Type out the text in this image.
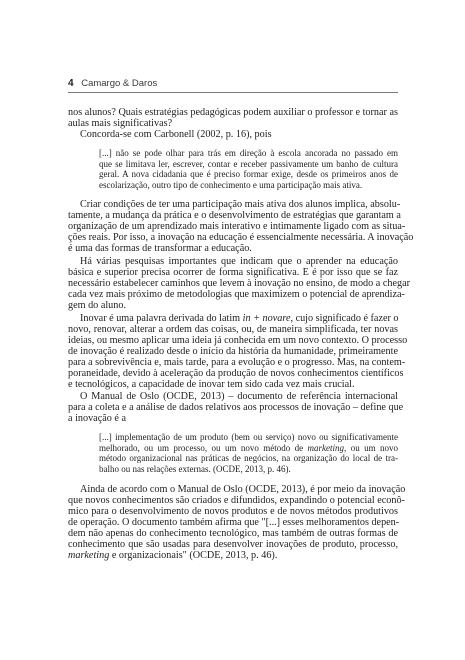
4 Camargo & Daros
nos alunos? Quais estratégias pedagógicas podem auxiliar o professor e tornar as
aulas mais significativas?
Concorda-se com Carbonell (2002, p. 16), pois
[...] não se pode olhar para trás em direção à escola ancorada no passado em
que se limitava ler, escrever, contar e receber passivamente um banho de cultura
geral. A nova cidadania que é preciso formar exige, desde os primeiros anos de
escolarização, outro tipo de conhecimento e uma participação mais ativa.
Criar condições de ter uma participação mais ativa dos alunos implica, absolu-
tamente, a mudança da prática e o desenvolvimento de estratégias que garantam a
organização de um aprendizado mais interativo e intimamente ligado com as situa-
ções reais. Por isso, a inovação na educação é essencialmente necessária. A inovação
é uma das formas de transformar a educação.
Há várias pesquisas importantes que indicam que o aprender na educação
básica e superior precisa ocorrer de forma significativa. E é por isso que se faz
necessário estabelecer caminhos que levem à inovação no ensino, de modo a chegar
cada vez mais próximo de metodologias que maximizem o potencial de aprendiza-
gem do aluno.
Inovar é uma palavra derivada do latim in + novare, cujo significado é fazer o
novo, renovar, alterar a ordem das coisas, ou, de maneira simplificada, ter novas
ideias, ou mesmo aplicar uma ideia já conhecida em um novo contexto. O processo
de inovação é realizado desde o início da história da humanidade, primeiramente
para a sobrevivência e, mais tarde, para a evolução e o progresso. Mas, na contem-
poraneidade, devido à aceleração da produção de novos conhecimentos científicos
e tecnológicos, a capacidade de inovar tem sido cada vez mais crucial.
O Manual de Oslo (OCDE, 2013) – documento de referência internacional
para a coleta e a análise de dados relativos aos processos de inovação – define que
a inovação é a
[...] implementação de um produto (bem ou serviço) novo ou significativamente
melhorado, ou um processo, ou um novo método de marketing, ou um novo
método organizacional nas práticas de negócios, na organização do local de tra-
balho ou nas relações externas. (OCDE, 2013, p. 46).
Ainda de acordo com o Manual de Oslo (OCDE, 2013), é por meio da inovação
que novos conhecimentos são criados e difundidos, expandindo o potencial econô-
mico para o desenvolvimento de novos produtos e de novos métodos produtivos
de operação. O documento também afirma que "[...] esses melhoramentos depen-
dem não apenas do conhecimento tecnológico, mas também de outras formas de
conhecimento que são usadas para desenvolver inovações de produto, processo,
marketing e organizacionais" (OCDE, 2013, p. 46).
